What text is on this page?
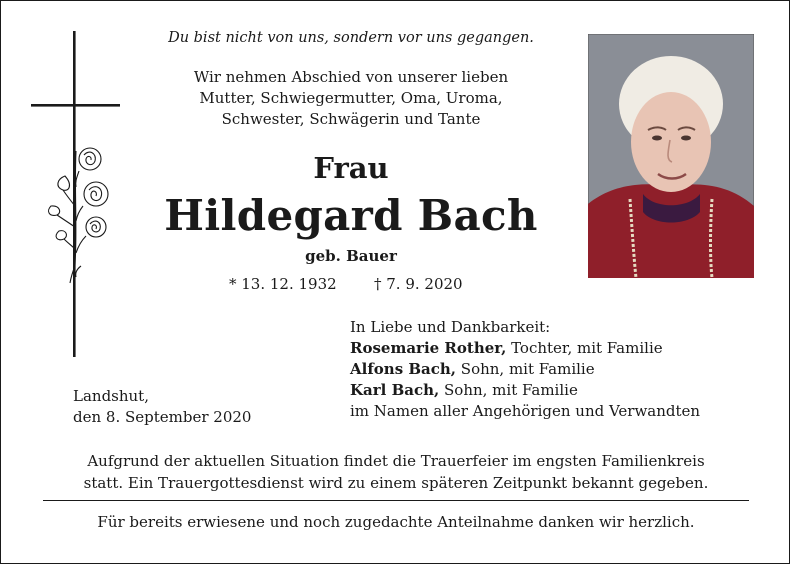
Du bist nicht von uns, sondern vor uns gegangen.

Wir nehmen Abschied von unserer lieben
Mutter, Schwiegermutter, Oma, Uroma,
Schwester, Schwägerin und Tante
Frau
Hildegard Bach
geb. Bauer
* 13. 12. 1932 † 7. 9. 2020
In Liebe und Dankbarkeit:
Rosemarie Rother, Tochter, mit Familie
Alfons Bach, Sohn, mit Familie
Karl Bach, Sohn, mit Familie
im Namen aller Angehörigen und Verwandten
Landshut,
den 8. September 2020
Aufgrund der aktuellen Situation findet die Trauerfeier im engsten Familienkreis
statt. Ein Trauergottesdienst wird zu einem späteren Zeitpunkt bekannt gegeben.
Für bereits erwiesene und noch zugedachte Anteilnahme danken wir herzlich.
